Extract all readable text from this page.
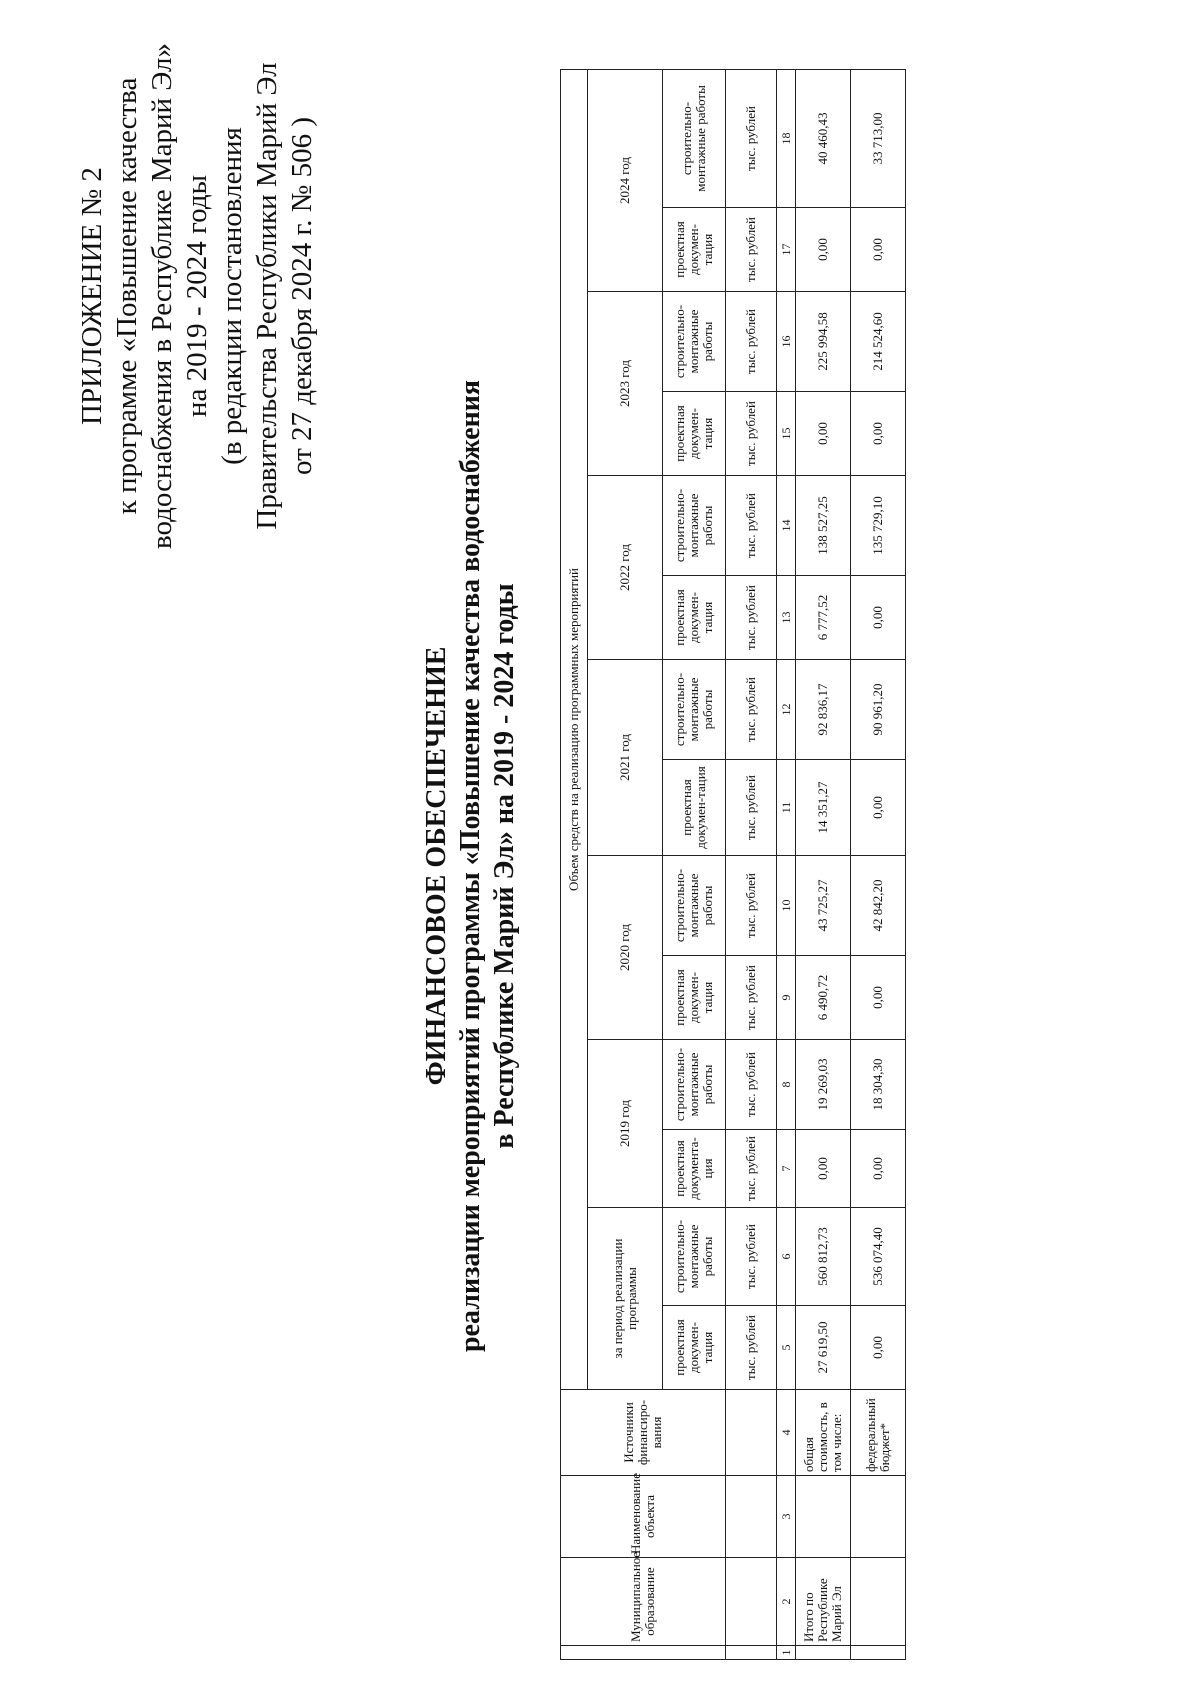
ПРИЛОЖЕНИЕ № 2 к программе «Повышение качества водоснабжения в Республике Марий Эл» на 2019 - 2024 годы (в редакции постановления Правительства Республики Марий Эл от 27 декабря 2024 г. № 506 )
ФИНАНСОВОЕ ОБЕСПЕЧЕНИЕ реализации мероприятий программы «Повышение качества водоснабжения в Республике Марий Эл» на 2019 - 2024 годы
	Муниципальное образование	Наименование объекта	Источники финансиро-вания	Объем средств на реализацию программных мероприятий													
				за период реализации программы		2019 год		2020 год		2021 год		2022 год		2023 год		2024 год	
				проектная докумен-тация	строительно-монтажные работы	проектная документа-ция	строительно-монтажные работы	проектная докумен-тация	строительно-монтажные работы	проектная докумен-тация	строительно-монтажные работы	проектная докумен-тация	строительно-монтажные работы	проектная докумен-тация	строительно-монтажные работы	проектная докумен-тация	строительно-монтажные работы
				тыс. рублей	тыс. рублей	тыс. рублей	тыс. рублей	тыс. рублей	тыс. рублей	тыс. рублей	тыс. рублей	тыс. рублей	тыс. рублей	тыс. рублей	тыс. рублей	тыс. рублей	тыс. рублей
1	2	3	4	5	6	7	8	9	10	11	12	13	14	15	16	17	18
	Итого по Республике Марий Эл		общая стоимость, в том числе:	27 619,50	560 812,73	0,00	19 269,03	6 490,72	43 725,27	14 351,27	92 836,17	6 777,52	138 527,25	0,00	225 994,58	0,00	40 460,43
			федеральный бюджет*	0,00	536 074,40	0,00	18 304,30	0,00	42 842,20	0,00	90 961,20	0,00	135 729,10	0,00	214 524,60	0,00	33 713,00
